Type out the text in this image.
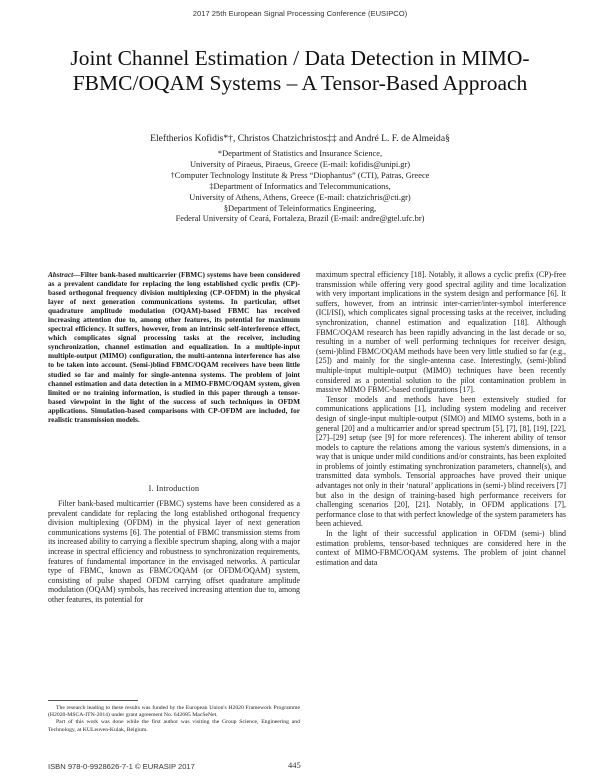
2017 25th European Signal Processing Conference (EUSIPCO)
Joint Channel Estimation / Data Detection in MIMO-FBMC/OQAM Systems – A Tensor-Based Approach
Eleftherios Kofidis*†, Christos Chatzichristos‡‡ and André L. F. de Almeida§
*Department of Statistics and Insurance Science,
University of Piraeus, Piraeus, Greece (E-mail: kofidis@unipi.gr)
†Computer Technology Institute & Press “Diophantus” (CTI), Patras, Greece
‡Department of Informatics and Telecommunications,
University of Athens, Athens, Greece (E-mail: chatzichris@cti.gr)
§Department of Teleinformatics Engineering,
Federal University of Ceará, Fortaleza, Brazil (E-mail: andre@gtel.ufc.br)
Abstract—Filter bank-based multicarrier (FBMC) systems have been considered as a prevalent candidate for replacing the long established cyclic prefix (CP)-based orthogonal frequency division multiplexing (CP-OFDM) in the physical layer of next generation communications systems. In particular, offset quadrature amplitude modulation (OQAM)-based FBMC has received increasing attention due to, among other features, its potential for maximum spectral efficiency. It suffers, however, from an intrinsic self-interference effect, which complicates signal processing tasks at the receiver, including synchronization, channel estimation and equalization. In a multiple-input multiple-output (MIMO) configuration, the multi-antenna interference has also to be taken into account. (Semi-)blind FBMC/OQAM receivers have been little studied so far and mainly for single-antenna systems. The problem of joint channel estimation and data detection in a MIMO-FBMC/OQAM system, given limited or no training information, is studied in this paper through a tensor-based viewpoint in the light of the success of such techniques in OFDM applications. Simulation-based comparisons with CP-OFDM are included, for realistic transmission models.
I. Introduction

Filter bank-based multicarrier (FBMC) systems have been considered as a prevalent candidate for replacing the long established orthogonal frequency division multiplexing (OFDM) in the physical layer of next generation communications systems [6]. The potential of FBMC transmission stems from its increased ability to carrying a flexible spectrum shaping, along with a major increase in spectral efficiency and robustness to synchronization requirements, features of fundamental importance in the envisaged networks. A particular type of FBMC, known as FBMC/OQAM (or OFDM/OQAM) system, consisting of pulse shaped OFDM carrying offset quadrature amplitude modulation (OQAM) symbols, has received increasing attention due to, among other features, its potential for

maximum spectral efficiency [18]. Notably, it allows a cyclic prefix (CP)-free transmission while offering very good spectral agility and time localization with very important implications in the system design and performance [6]. It suffers, however, from an intrinsic inter-carrier/inter-symbol interference (ICI/ISI), which complicates signal processing tasks at the receiver, including synchronization, channel estimation and equalization [18]. Although FBMC/OQAM research has been rapidly advancing in the last decade or so, resulting in a number of well performing techniques for receiver design, (semi-)blind FBMC/OQAM methods have been very little studied so far (e.g., [25]) and mainly for the single-antenna case. Interestingly, (semi-)blind multiple-input multiple-output (MIMO) techniques have been recently considered as a potential solution to the pilot contamination problem in massive MIMO FBMC-based configurations [17].

Tensor models and methods have been extensively studied for communications applications [1], including system modeling and receiver design of single-input multiple-output (SIMO) and MIMO systems, both in a general [20] and a multicarrier and/or spread spectrum [5], [7], [8], [19], [22], [27]–[29] setup (see [9] for more references). The inherent ability of tensor models to capture the relations among the various system's dimensions, in a way that is unique under mild conditions and/or constraints, has been exploited in problems of jointly estimating synchronization parameters, channel(s), and transmitted data symbols. Tensorial approaches have proved their unique advantages not only in their ‘natural’ applications in (semi-) blind receivers [7] but also in the design of training-based high performance receivers for challenging scenarios [20], [21]. Notably, in OFDM applications [7], performance close to that with perfect knowledge of the system parameters has been achieved.

In the light of their successful application in OFDM (semi-) blind estimation problems, tensor-based techniques are considered here in the context of MIMO-FBMC/OQAM systems. The problem of joint channel estimation and data

The research leading to these results was funded by the European Union's H2020 Framework Programme (H2020-MSCA-ITN-2014) under grant agreement No. 642685 MacSeNet.

Part of this work was done while the first author was visiting the Group Science, Engineering and Technology, at KULeuven-Kulak, Belgium.

ISBN 978-0-9928626-7-1 © EURASIP 2017	445
